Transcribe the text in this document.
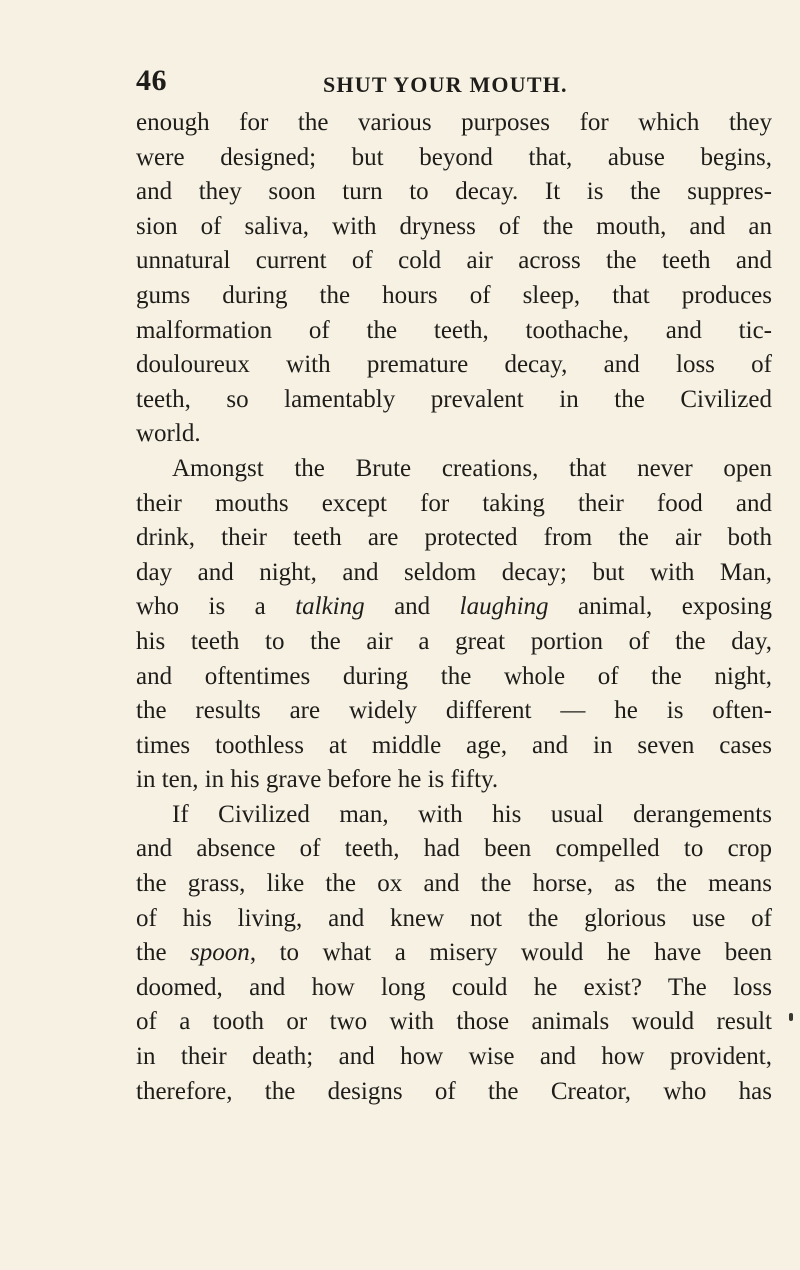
46	SHUT YOUR MOUTH.

enough for the various purposes for which they
were designed; but beyond that, abuse begins,
and they soon turn to decay. It is the suppres-
sion of saliva, with dryness of the mouth, and an
unnatural current of cold air across the teeth and
gums during the hours of sleep, that produces
malformation of the teeth, toothache, and tic-
douloureux with premature decay, and loss of
teeth, so lamentably prevalent in the Civilized
world.

Amongst the Brute creations, that never open
their mouths except for taking their food and
drink, their teeth are protected from the air both
day and night, and seldom decay; but with Man,
who is a talking and laughing animal, exposing
his teeth to the air a great portion of the day,
and oftentimes during the whole of the night,
the results are widely different — he is often-
times toothless at middle age, and in seven cases
in ten, in his grave before he is fifty.

If Civilized man, with his usual derangements
and absence of teeth, had been compelled to crop
the grass, like the ox and the horse, as the means
of his living, and knew not the glorious use of
the spoon, to what a misery would he have been
doomed, and how long could he exist? The loss
of a tooth or two with those animals would result
in their death; and how wise and how provident,
therefore, the designs of the Creator, who has
